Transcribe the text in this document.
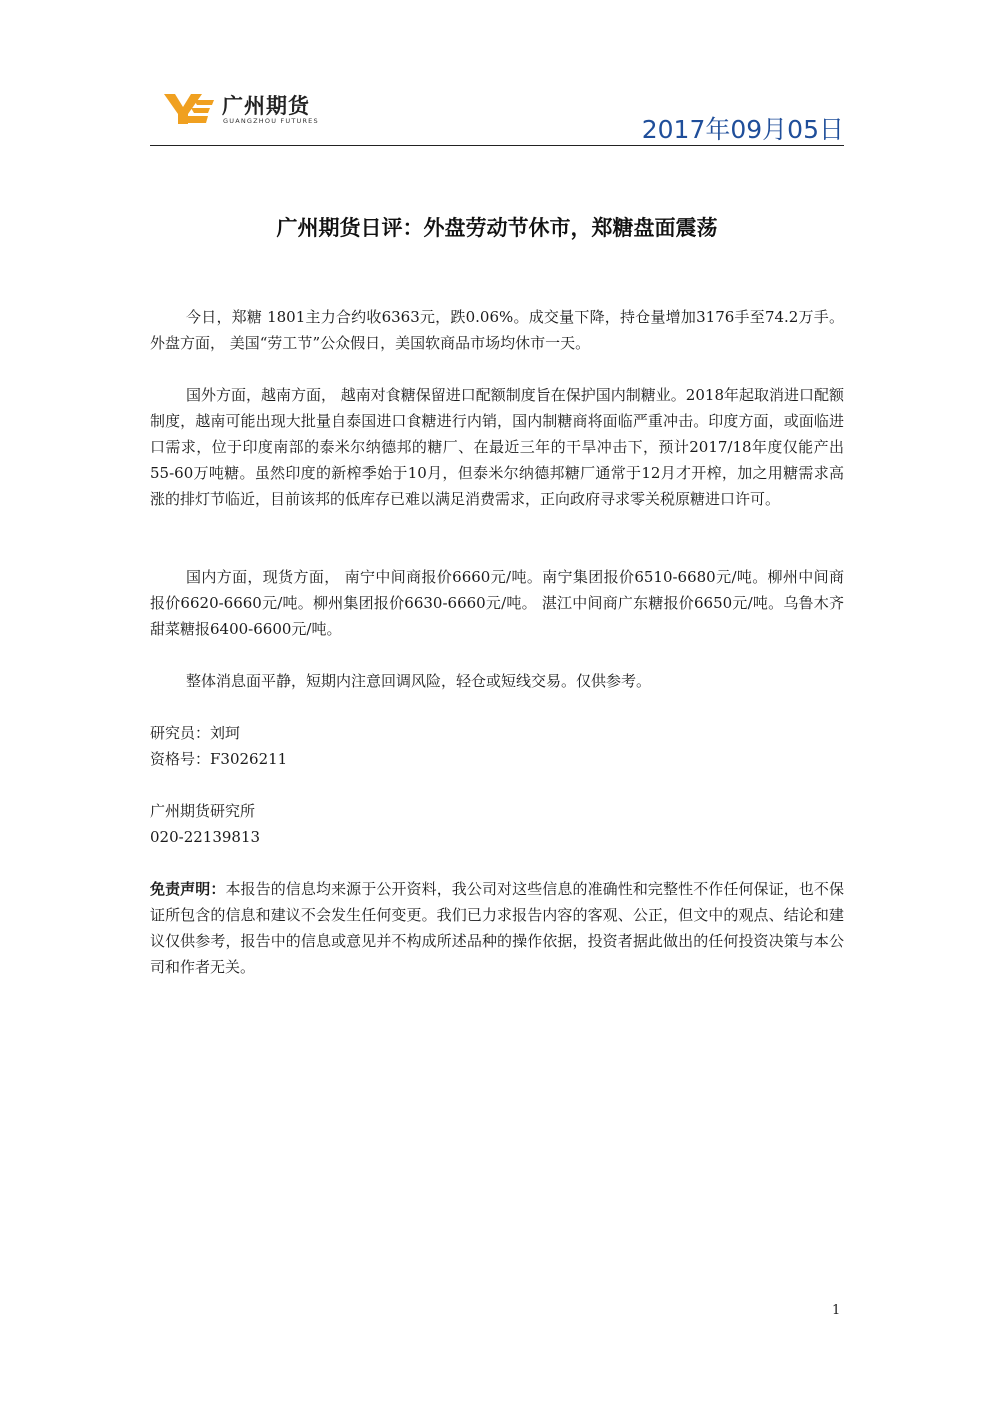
广州期货
GUANGZHOU FUTURES	2017年09月05日
广州期货日评：外盘劳动节休市，郑糖盘面震荡

今日，郑糖 1801主力合约收6363元，跌0.06%。成交量下降，持仓量增加3176手至74.2万手。外盘方面， 美国“劳工节”公众假日，美国软商品市场均休市一天。

国外方面，越南方面， 越南对食糖保留进口配额制度旨在保护国内制糖业。2018年起取消进口配额制度，越南可能出现大批量自泰国进口食糖进行内销，国内制糖商将面临严重冲击。印度方面，或面临进口需求，位于印度南部的泰米尔纳德邦的糖厂、在最近三年的干旱冲击下，预计2017/18年度仅能产出55-60万吨糖。虽然印度的新榨季始于10月，但泰米尔纳德邦糖厂通常于12月才开榨，加之用糖需求高涨的排灯节临近，目前该邦的低库存已难以满足消费需求，正向政府寻求零关税原糖进口许可。

国内方面，现货方面， 南宁中间商报价6660元/吨。南宁集团报价6510-6680元/吨。柳州中间商报价6620-6660元/吨。柳州集团报价6630-6660元/吨。 湛江中间商广东糖报价6650元/吨。乌鲁木齐甜菜糖报6400-6600元/吨。

整体消息面平静，短期内注意回调风险，轻仓或短线交易。仅供参考。

研究员：刘珂
资格号：F3026211
广州期货研究所
020-22139813
免责声明：本报告的信息均来源于公开资料，我公司对这些信息的准确性和完整性不作任何保证，也不保证所包含的信息和建议不会发生任何变更。我们已力求报告内容的客观、公正，但文中的观点、结论和建议仅供参考，报告中的信息或意见并不构成所述品种的操作依据，投资者据此做出的任何投资决策与本公司和作者无关。
1
